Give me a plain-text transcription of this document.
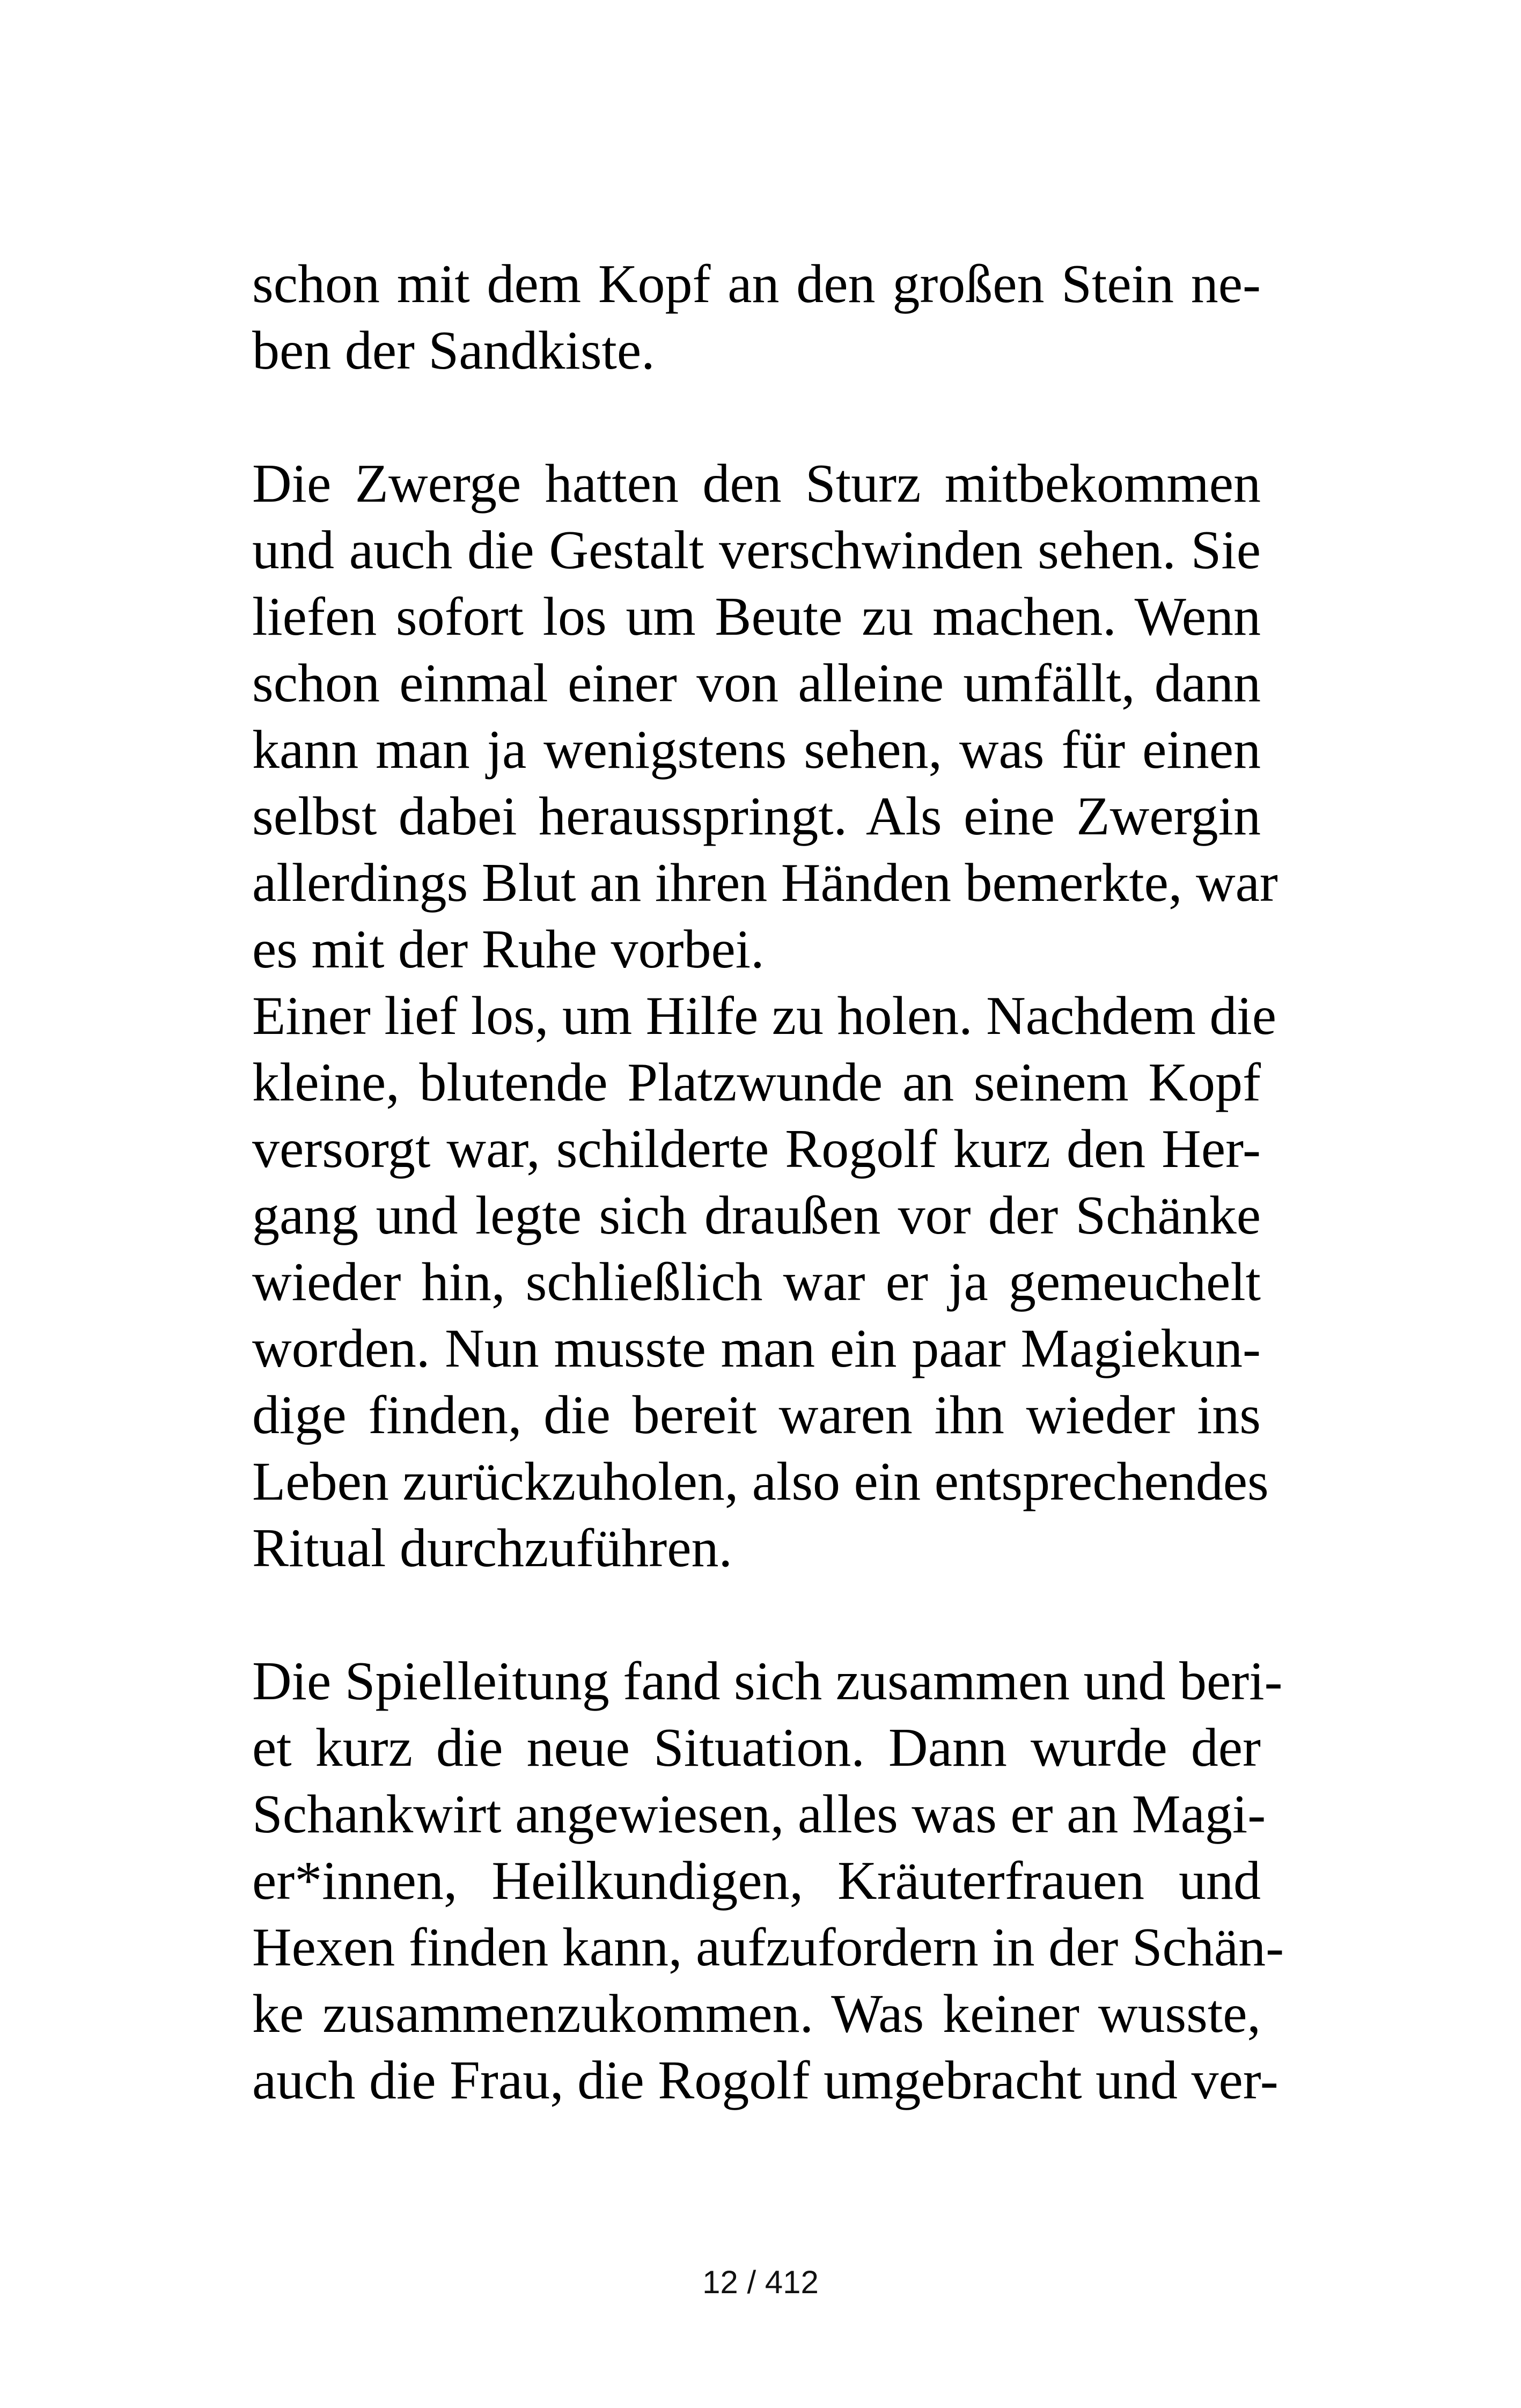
schon mit dem Kopf an den großen Stein ne-
ben der Sandkiste.
Die Zwerge hatten den Sturz mitbekommen
und auch die Gestalt verschwinden sehen. Sie
liefen sofort los um Beute zu machen. Wenn
schon einmal einer von alleine umfällt, dann
kann man ja wenigstens sehen, was für einen
selbst dabei herausspringt. Als eine Zwergin
allerdings Blut an ihren Händen bemerkte, war
es mit der Ruhe vorbei.
Einer lief los, um Hilfe zu holen. Nachdem die
kleine, blutende Platzwunde an seinem Kopf
versorgt war, schilderte Rogolf kurz den Her-
gang und legte sich draußen vor der Schänke
wieder hin, schließlich war er ja gemeuchelt
worden. Nun musste man ein paar Magiekun-
dige finden, die bereit waren ihn wieder ins
Leben zurückzuholen, also ein entsprechendes
Ritual durchzuführen.
Die Spielleitung fand sich zusammen und beri-
et kurz die neue Situation. Dann wurde der
Schankwirt angewiesen, alles was er an Magi-
er*innen, Heilkundigen, Kräuterfrauen und
Hexen finden kann, aufzufordern in der Schän-
ke zusammenzukommen. Was keiner wusste,
auch die Frau, die Rogolf umgebracht und ver-
12 / 412
